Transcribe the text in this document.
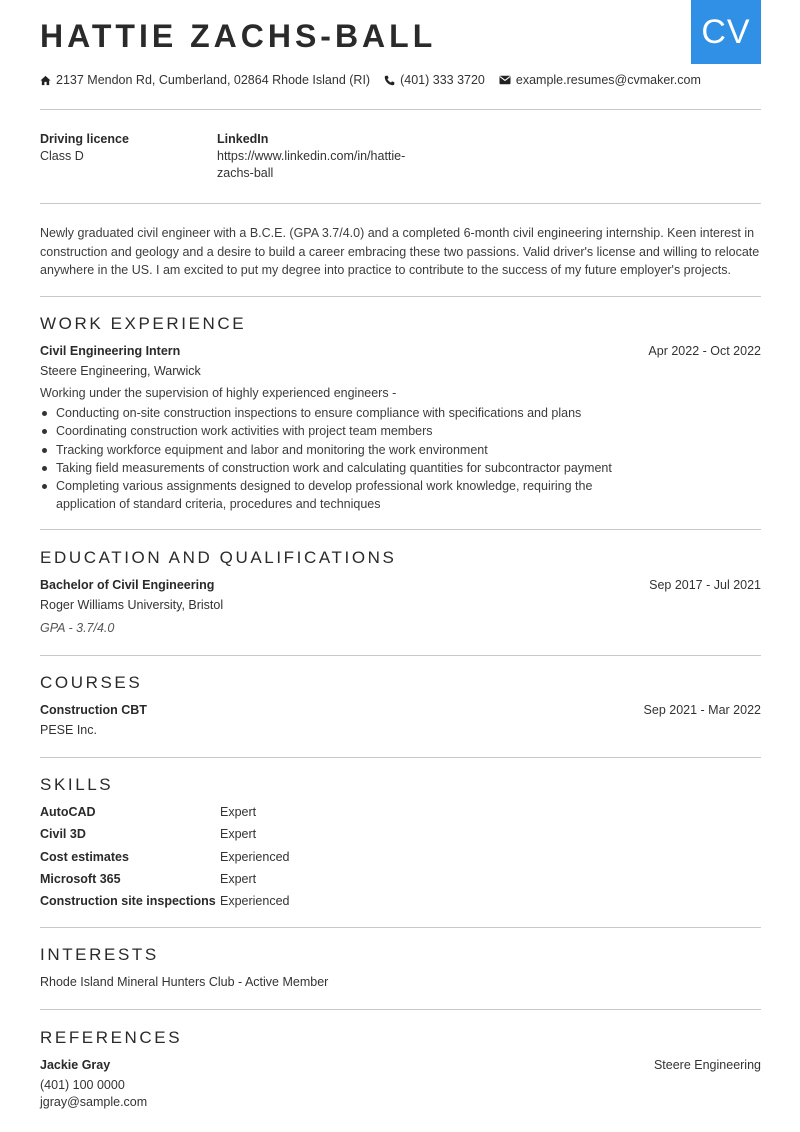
CV
HATTIE ZACHS-BALL
2137 Mendon Rd, Cumberland, 02864 Rhode Island (RI) (401) 333 3720 example.resumes@cvmaker.com
Driving licence
Class D
LinkedIn
https://www.linkedin.com/in/hattie-
zachs-ball

Newly graduated civil engineer with a B.C.E. (GPA 3.7/4.0) and a completed 6-month civil engineering internship. Keen interest in construction and geology and a desire to build a career embracing these two passions. Valid driver's license and willing to relocate anywhere in the US. I am excited to put my degree into practice to contribute to the success of my future employer's projects.

WORK EXPERIENCE
Civil Engineering Intern	Apr 2022 - Oct 2022
Steere Engineering, Warwick
Working under the supervision of highly experienced engineers -
Conducting on-site construction inspections to ensure compliance with specifications and plans
Coordinating construction work activities with project team members
Tracking workforce equipment and labor and monitoring the work environment
Taking field measurements of construction work and calculating quantities for subcontractor payment
Completing various assignments designed to develop professional work knowledge, requiring the application of standard criteria, procedures and techniques
EDUCATION AND QUALIFICATIONS
Bachelor of Civil Engineering	Sep 2017 - Jul 2021
Roger Williams University, Bristol
GPA - 3.7/4.0
COURSES
Construction CBT	Sep 2021 - Mar 2022
PESE Inc.
SKILLS
AutoCAD	Expert
Civil 3D	Expert
Cost estimates	Experienced
Microsoft 365	Expert
Construction site inspections Experienced
INTERESTS
Rhode Island Mineral Hunters Club - Active Member
REFERENCES
Jackie Gray	Steere Engineering
(401) 100 0000
jgray@sample.com
